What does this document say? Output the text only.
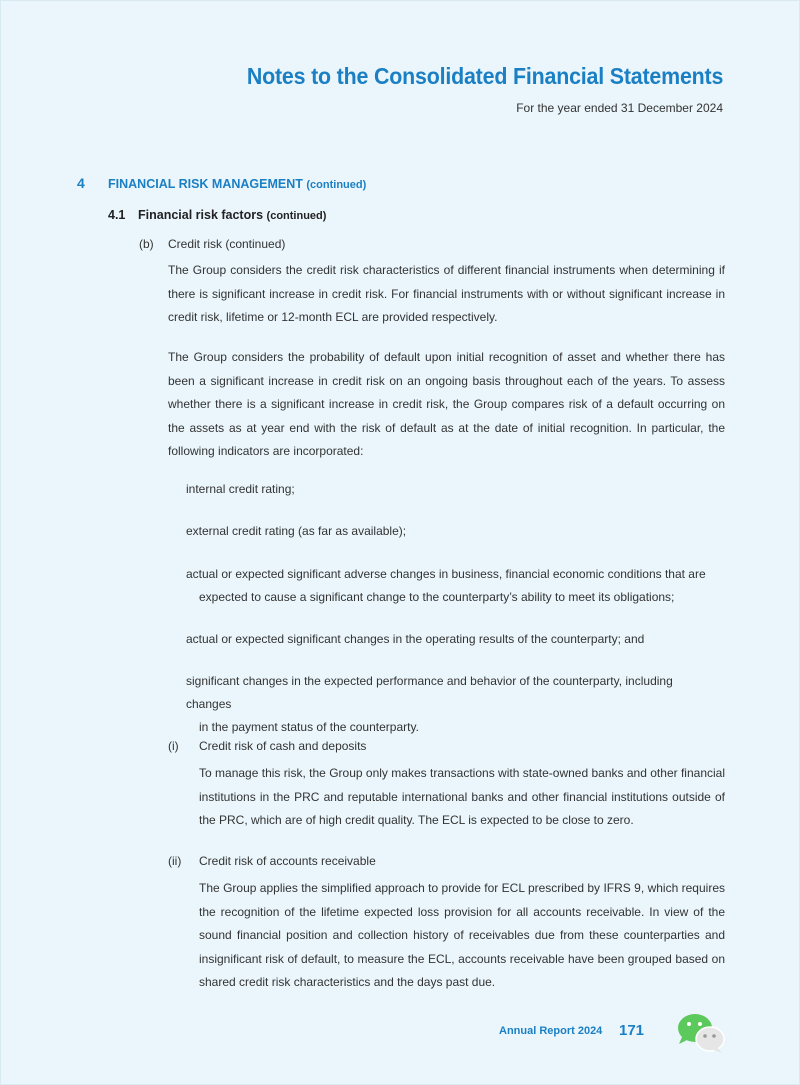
Notes to the Consolidated Financial Statements
For the year ended 31 December 2024
4 FINANCIAL RISK MANAGEMENT (continued)
4.1 Financial risk factors (continued)
(b) Credit risk (continued)
The Group considers the credit risk characteristics of different financial instruments when determining if there is significant increase in credit risk. For financial instruments with or without significant increase in credit risk, lifetime or 12-month ECL are provided respectively.
The Group considers the probability of default upon initial recognition of asset and whether there has been a significant increase in credit risk on an ongoing basis throughout each of the years. To assess whether there is a significant increase in credit risk, the Group compares risk of a default occurring on the assets as at year end with the risk of default as at the date of initial recognition. In particular, the following indicators are incorporated:
internal credit rating;
external credit rating (as far as available);
actual or expected significant adverse changes in business, financial economic conditions that are
expected to cause a significant change to the counterparty’s ability to meet its obligations;
actual or expected significant changes in the operating results of the counterparty; and
significant changes in the expected performance and behavior of the counterparty, including changes
in the payment status of the counterparty.
(i) Credit risk of cash and deposits
To manage this risk, the Group only makes transactions with state-owned banks and other financial institutions in the PRC and reputable international banks and other financial institutions outside of the PRC, which are of high credit quality. The ECL is expected to be close to zero.
(ii) Credit risk of accounts receivable
The Group applies the simplified approach to provide for ECL prescribed by IFRS 9, which requires the recognition of the lifetime expected loss provision for all accounts receivable. In view of the sound financial position and collection history of receivables due from these counterparties and insignificant risk of default, to measure the ECL, accounts receivable have been grouped based on shared credit risk characteristics and the days past due.
Annual Report 2024 171
